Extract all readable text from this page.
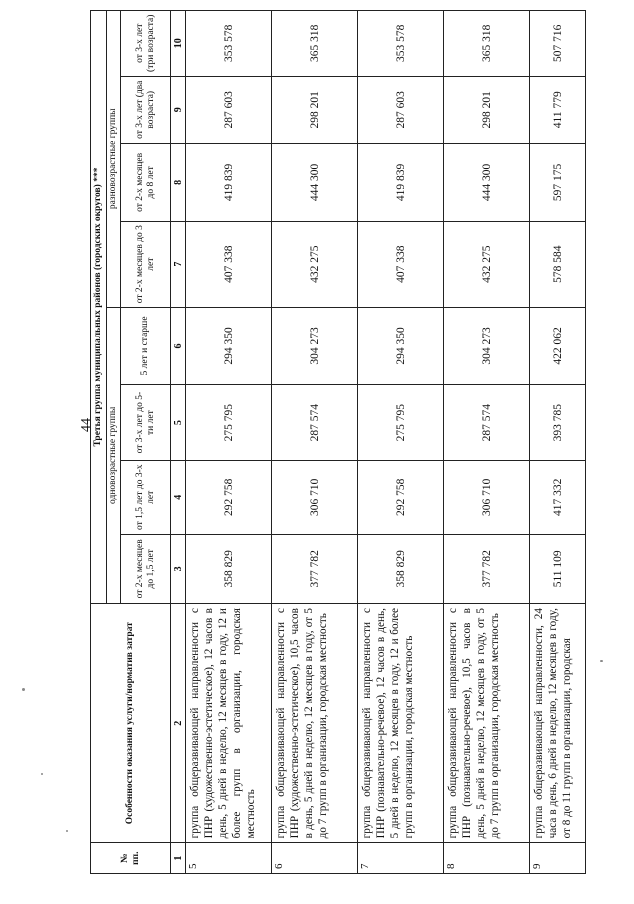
44
№ пп.	Особенности оказания услуги/норматив затрат	Третья группа муниципальных районов (городских округов) ***							
		одновозрастные группы				разновозрастные группы			
		от 2-х месяцев до 1,5 лет	от 1,5 лет до 3-х лет	от 3-х лет до 5-ти лет	5 лет и старше	от 2-х месяцев до 3 лет	от 2-х месяцев до 8 лет	от 3-х лет (два возраста)	от 3-х лет (три возраста)
1	2	3	4	5	6	7	8	9	10
5	группа общеразвивающей направленности с ПНР (художественно-эстетическое), 12 часов в день, 5 дней в неделю, 12 месяцев в году, 12 и более групп в организации, городская местность	358 829	292 758	275 795	294 350	407 338	419 839	287 603	353 578
6	группа общеразвивающей направленности с ПНР (художественно-эстетическое), 10,5 часов в день, 5 дней в неделю, 12 месяцев в году, от 5 до 7 групп в организации, городская местность	377 782	306 710	287 574	304 273	432 275	444 300	298 201	365 318
7	группа общеразвивающей направленности с ПНР (познавательно-речевое), 12 часов в день, 5 дней в неделю, 12 месяцев в году, 12 и более групп в организации, городская местность	358 829	292 758	275 795	294 350	407 338	419 839	287 603	353 578
8	группа общеразвивающей направленности с ПНР (познавательно-речевое), 10,5 часов в день, 5 дней в неделю, 12 месяцев в году, от 5 до 7 групп в организации, городская местность	377 782	306 710	287 574	304 273	432 275	444 300	298 201	365 318
9	группа общеразвивающей направленности, 24 часа в день, 6 дней в неделю, 12 месяцев в году, от 8 до 11 групп в организации, городская	511 109	417 332	393 785	422 062	578 584	597 175	411 779	507 716
